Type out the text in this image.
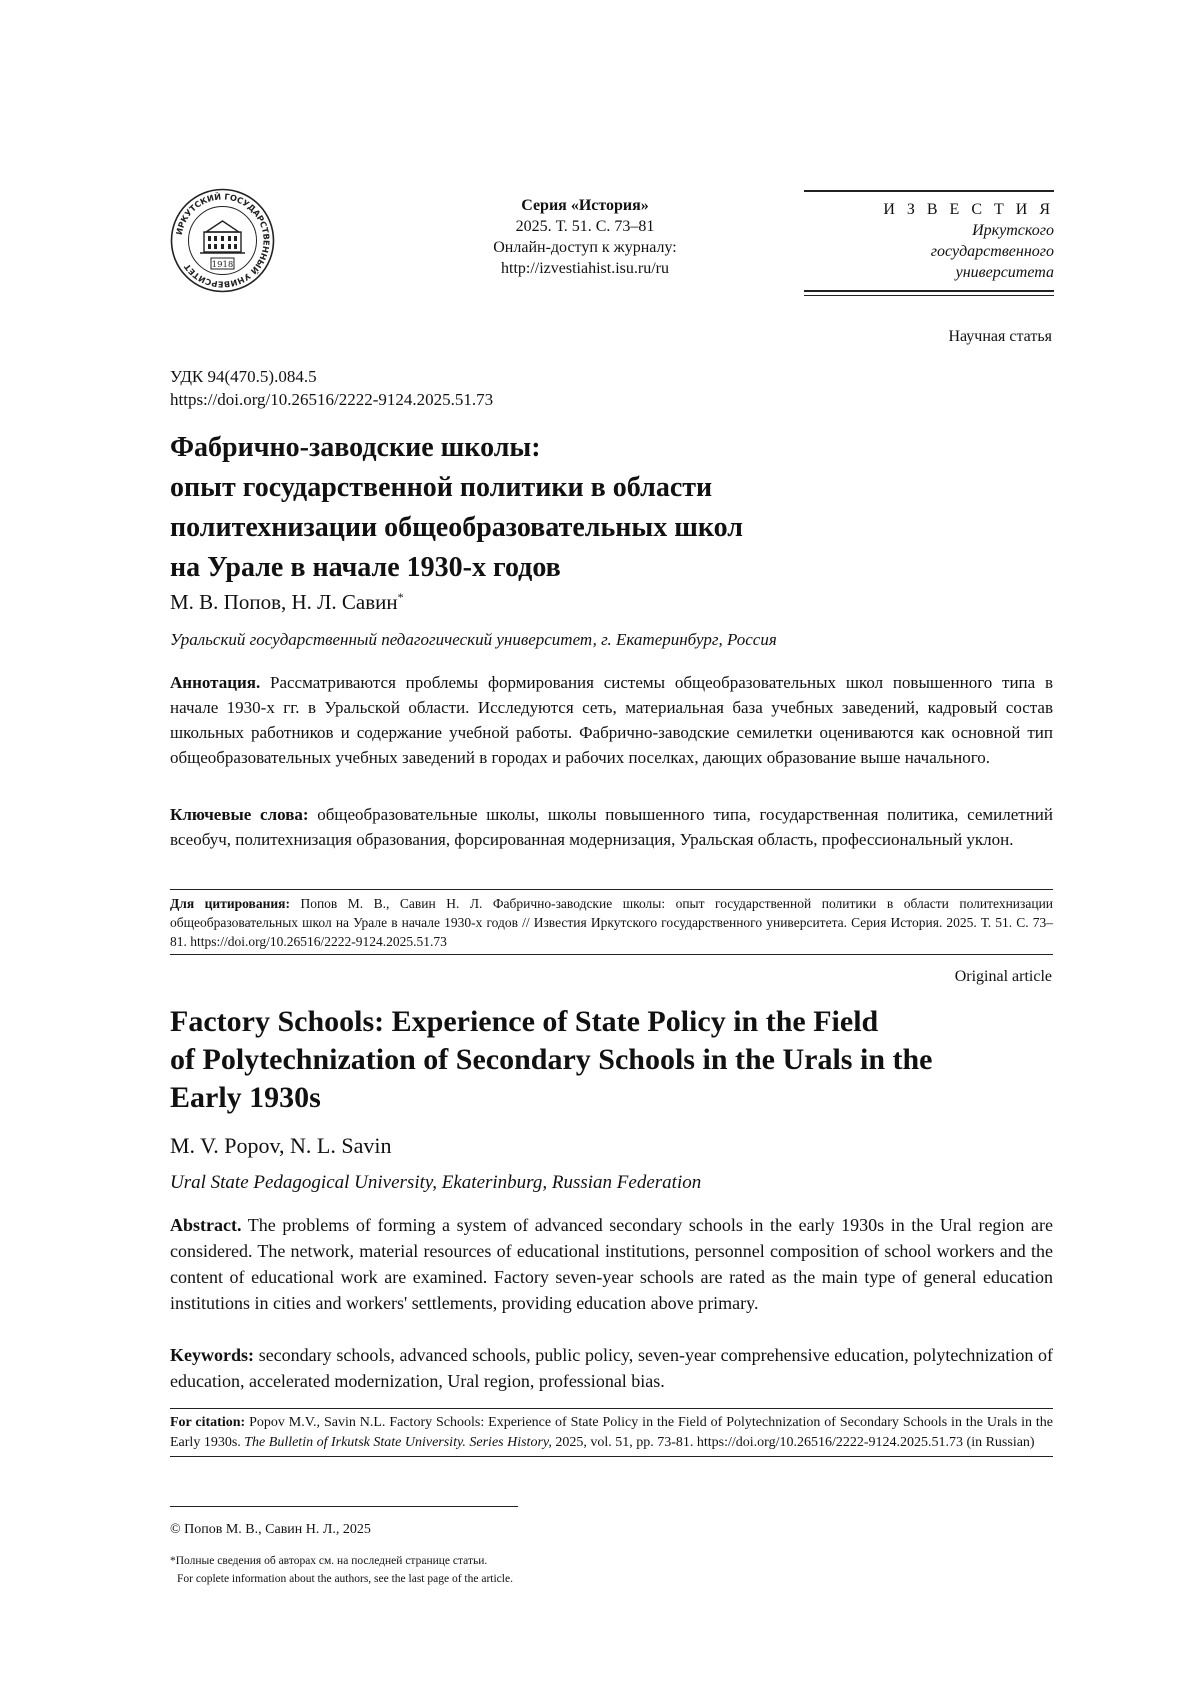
ИРКУТСКИЙ ГОСУДАРСТВЕННЫЙ УНИВЕРСИТЕТ	1918
Серия «История»
2025. Т. 51. С. 73–81
Онлайн-доступ к журналу:
http://izvestiahist.isu.ru/ru
И З В Е С Т И Я
Иркутского
государственного
университета
Научная статья
УДК 94(470.5).084.5
https://doi.org/10.26516/2222-9124.2025.51.73
Фабрично-заводские школы:
опыт государственной политики в области
политехнизации общеобразовательных школ
на Урале в начале 1930-х годов
М. В. Попов, Н. Л. Савин*
Уральский государственный педагогический университет, г. Екатеринбург, Россия
Аннотация. Рассматриваются проблемы формирования системы общеобразовательных школ повышенного типа в начале 1930-х гг. в Уральской области. Исследуются сеть, материальная база учебных заведений, кадровый состав школьных работников и содержание учебной работы. Фабрично-заводские семилетки оцениваются как основной тип общеобразовательных учебных заведений в городах и рабочих поселках, дающих образование выше начального.
Ключевые слова: общеобразовательные школы, школы повышенного типа, государственная политика, семилетний всеобуч, политехнизация образования, форсированная модернизация, Уральская область, профессиональный уклон.
Для цитирования: Попов М. В., Савин Н. Л. Фабрично-заводские школы: опыт государственной политики в области политехнизации общеобразовательных школ на Урале в начале 1930-х годов // Известия Иркутского государственного университета. Серия История. 2025. Т. 51. С. 73–81. https://doi.org/10.26516/2222-9124.2025.51.73
Original article
Factory Schools: Experience of State Policy in the Field
of Polytechnization of Secondary Schools in the Urals in the
Early 1930s
M. V. Popov, N. L. Savin
Ural State Pedagogical University, Ekaterinburg, Russian Federation
Abstract. The problems of forming a system of advanced secondary schools in the early 1930s in the Ural region are considered. The network, material resources of educational institutions, personnel composition of school workers and the content of educational work are examined. Factory seven-year schools are rated as the main type of general education institutions in cities and workers' settlements, providing education above primary.
Keywords: secondary schools, advanced schools, public policy, seven-year comprehensive education, polytechnization of education, accelerated modernization, Ural region, professional bias.
For citation: Popov M.V., Savin N.L. Factory Schools: Experience of State Policy in the Field of Polytechnization of Secondary Schools in the Urals in the Early 1930s. The Bulletin of Irkutsk State University. Series History, 2025, vol. 51, pp. 73-81. https://doi.org/10.26516/2222-9124.2025.51.73 (in Russian)
© Попов М. В., Савин Н. Л., 2025
*Полные сведения об авторах см. на последней странице статьи.
For coplete information about the authors, see the last page of the article.
